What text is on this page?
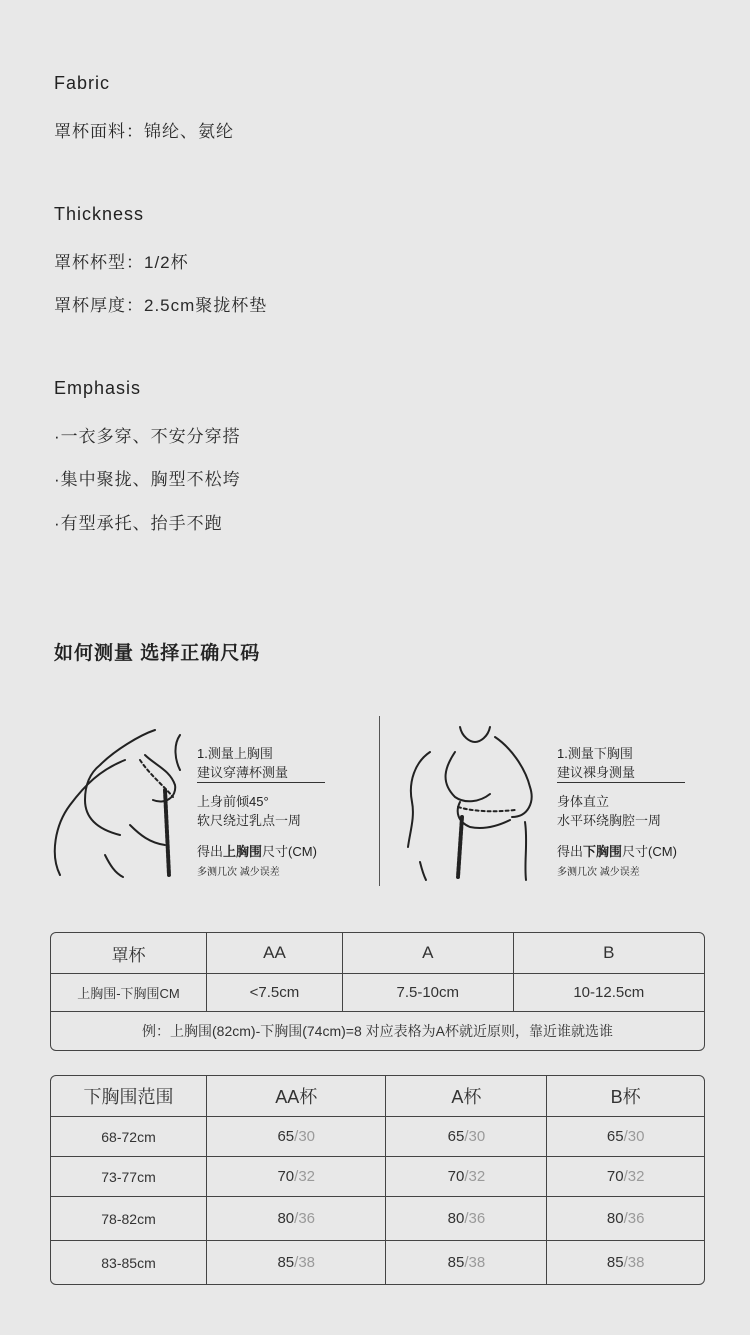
Fabric
罩杯面料：锦纶、氨纶
Thickness
罩杯杯型：1/2杯
罩杯厚度：2.5cm聚拢杯垫
Emphasis
·一衣多穿、不安分穿搭
·集中聚拢、胸型不松垮
·有型承托、抬手不跑
如何测量 选择正确尺码
1.测量上胸围

建议穿薄杯测量
上身前倾45°
软尺绕过乳点一周
得出上胸围尺寸(CM)
多测几次 减少误差
1.测量下胸围

建议裸身测量
身体直立
水平环绕胸腔一周
得出下胸围尺寸(CM)
多测几次 减少误差
罩杯	AA	A	B
上胸围-下胸围CM	<7.5cm	7.5-10cm	10-12.5cm
例：上胸围(82cm)-下胸围(74cm)=8 对应表格为A杯就近原则，靠近谁就选谁			
下胸围范围	AA杯	A杯	B杯
68-72cm	65/30	65/30	65/30
73-77cm	70/32	70/32	70/32
78-82cm	80/36	80/36	80/36
83-85cm	85/38	85/38	85/38
